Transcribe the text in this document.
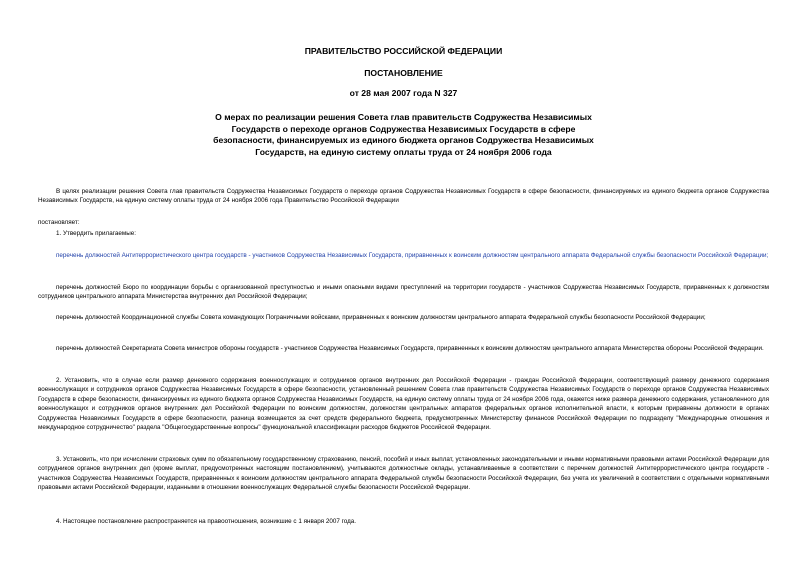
ПРАВИТЕЛЬСТВО РОССИЙСКОЙ ФЕДЕРАЦИИ
ПОСТАНОВЛЕНИЕ
от 28 мая 2007 года N 327
О мерах по реализации решения Совета глав правительств Содружества Независимых Государств о переходе органов Содружества Независимых Государств в сфере безопасности, финансируемых из единого бюджета органов Содружества Независимых Государств, на единую систему оплаты труда от 24 ноября 2006 года

В целях реализации решения Совета глав правительств Содружества Независимых Государств о переходе органов Содружества Независимых Государств в сфере безопасности, финансируемых из единого бюджета органов Содружества Независимых Государств, на единую систему оплаты труда от 24 ноября 2006 года Правительство Российской Федерации

постановляет:

1. Утвердить прилагаемые:

перечень должностей Антитеррористического центра государств - участников Содружества Независимых Государств, приравненных к воинским должностям центрального аппарата Федеральной службы безопасности Российской Федерации;

перечень должностей Бюро по координации борьбы с организованной преступностью и иными опасными видами преступлений на территории государств - участников Содружества Независимых Государств, приравненных к должностям сотрудников центрального аппарата Министерства внутренних дел Российской Федерации;

перечень должностей Координационной службы Совета командующих Пограничными войсками, приравненных к воинским должностям центрального аппарата Федеральной службы безопасности Российской Федерации;

перечень должностей Секретариата Совета министров обороны государств - участников Содружества Независимых Государств, приравненных к воинским должностям центрального аппарата Министерства обороны Российской Федерации.

2. Установить, что в случае если размер денежного содержания военнослужащих и сотрудников органов внутренних дел Российской Федерации - граждан Российской Федерации, соответствующий размеру денежного содержания военнослужащих и сотрудников органов Содружества Независимых Государств в сфере безопасности, установленный решением Совета глав правительств Содружества Независимых Государств о переходе органов Содружества Независимых Государств в сфере безопасности, финансируемых из единого бюджета органов Содружества Независимых Государств, на единую систему оплаты труда от 24 ноября 2006 года, окажется ниже размера денежного содержания, установленного для военнослужащих и сотрудников органов внутренних дел Российской Федерации по воинским должностям, должностям центральных аппаратов федеральных органов исполнительной власти, к которым приравнены должности в органах Содружества Независимых Государств в сфере безопасности, разница возмещается за счет средств федерального бюджета, предусмотренных Министерству финансов Российской Федерации по подразделу "Международные отношения и международное сотрудничество" раздела "Общегосударственные вопросы" функциональной классификации расходов бюджетов Российской Федерации.

3. Установить, что при исчислении страховых сумм по обязательному государственному страхованию, пенсий, пособий и иных выплат, установленных законодательными и иными нормативными правовыми актами Российской Федерации для сотрудников органов внутренних дел (кроме выплат, предусмотренных настоящим постановлением), учитываются должностные оклады, устанавливаемые в соответствии с перечнем должностей Антитеррористического центра государств - участников Содружества Независимых Государств, приравненных к воинским должностям центрального аппарата Федеральной службы безопасности Российской Федерации, без учета их увеличений в соответствии с отдельными нормативными правовыми актами Российской Федерации, изданными в отношении военнослужащих Федеральной службы безопасности Российской Федерации.

4. Настоящее постановление распространяется на правоотношения, возникшие с 1 января 2007 года.
